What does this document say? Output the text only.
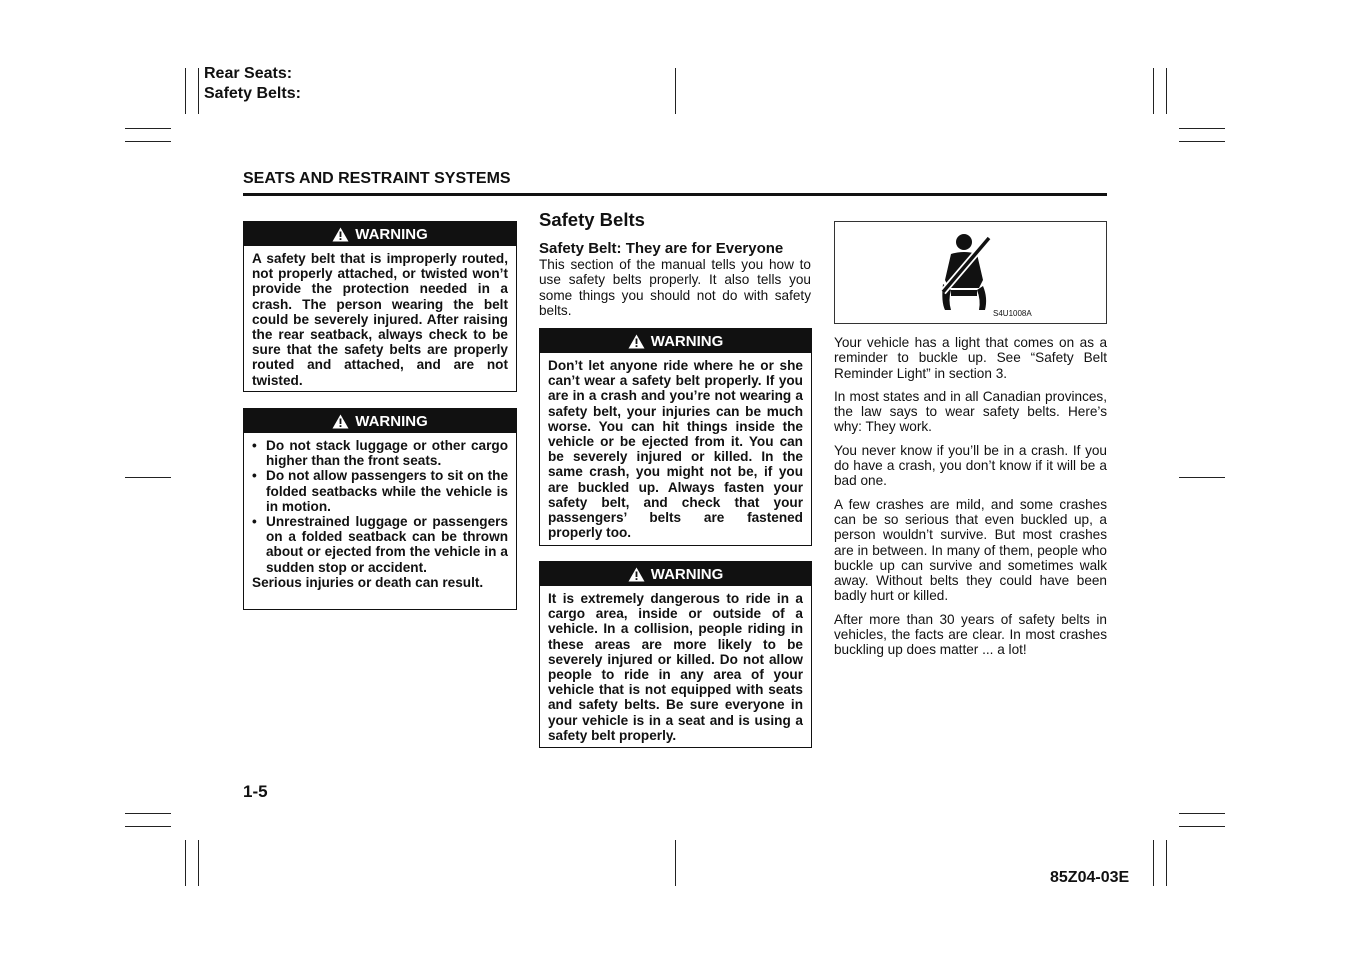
Rear Seats:
Safety Belts:
SEATS AND RESTRAINT SYSTEMS
WARNING
A safety belt that is improperly routed, not properly attached, or twisted won’t provide the protection needed in a crash. The person wearing the belt could be severely injured. After raising the rear seatback, always check to be sure that the safety belts are properly routed and attached, and are not twisted.
WARNING
• Do not stack luggage or other cargo higher than the front seats.
• Do not allow passengers to sit on the folded seatbacks while the vehicle is in motion.
• Unrestrained luggage or passengers on a folded seatback can be thrown about or ejected from the vehicle in a sudden stop or accident.
Serious injuries or death can result.
Safety Belts
Safety Belt: They are for Everyone
This section of the manual tells you how to use safety belts properly. It also tells you some things you should not do with safety belts.
WARNING
Don’t let anyone ride where he or she can’t wear a safety belt properly. If you are in a crash and you’re not wearing a safety belt, your injuries can be much worse. You can hit things inside the vehicle or be ejected from it. You can be severely injured or killed. In the same crash, you might not be, if you are buckled up. Always fasten your safety belt, and check that your passengers’ belts are fastened properly too.
WARNING
It is extremely dangerous to ride in a cargo area, inside or outside of a vehicle. In a collision, people riding in these areas are more likely to be severely injured or killed. Do not allow people to ride in any area of your vehicle that is not equipped with seats and safety belts. Be sure everyone in your vehicle is in a seat and is using a safety belt properly.
S4U1008A

Your vehicle has a light that comes on as a reminder to buckle up. See “Safety Belt Reminder Light” in section 3.

In most states and in all Canadian provinces, the law says to wear safety belts. Here’s why: They work.

You never know if you’ll be in a crash. If you do have a crash, you don’t know if it will be a bad one.

A few crashes are mild, and some crashes can be so serious that even buckled up, a person wouldn’t survive. But most crashes are in between. In many of them, people who buckle up can survive and sometimes walk away. Without belts they could have been badly hurt or killed.

After more than 30 years of safety belts in vehicles, the facts are clear. In most crashes buckling up does matter ... a lot!

1-5
85Z04-03E
